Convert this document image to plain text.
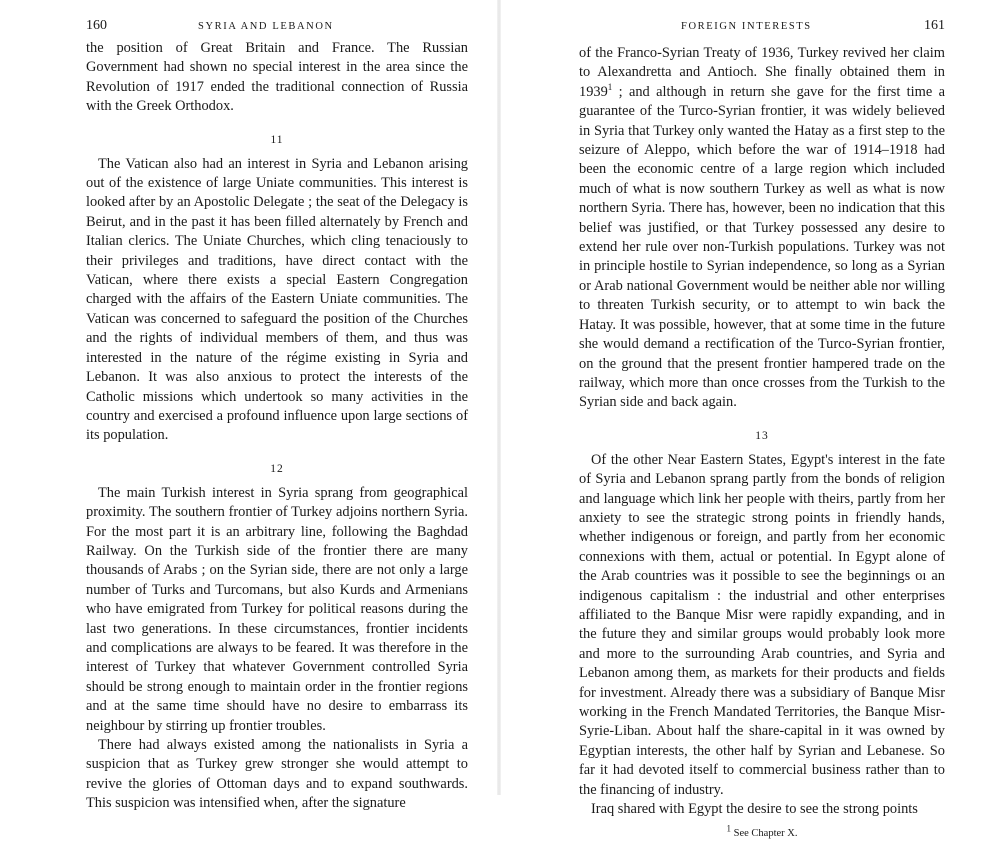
160	SYRIA AND LEBANON

the position of Great Britain and France. The Russian Government had shown no special interest in the area since the Revolution of 1917 ended the traditional connection of Russia with the Greek Orthodox.

11

The Vatican also had an interest in Syria and Lebanon arising out of the existence of large Uniate communities. This interest is looked after by an Apostolic Delegate ; the seat of the Delegacy is Beirut, and in the past it has been filled alternately by French and Italian clerics. The Uniate Churches, which cling tenaciously to their privileges and traditions, have direct contact with the Vatican, where there exists a special Eastern Congregation charged with the affairs of the Eastern Uniate communities. The Vatican was concerned to safeguard the position of the Churches and the rights of individual members of them, and thus was interested in the nature of the régime existing in Syria and Lebanon. It was also anxious to protect the interests of the Catholic missions which undertook so many activities in the country and exercised a profound influence upon large sections of its population.

12

The main Turkish interest in Syria sprang from geographical proximity. The southern frontier of Turkey adjoins northern Syria. For the most part it is an arbitrary line, following the Baghdad Railway. On the Turkish side of the frontier there are many thousands of Arabs ; on the Syrian side, there are not only a large number of Turks and Turcomans, but also Kurds and Armenians who have emigrated from Turkey for political reasons during the last two generations. In these circumstances, frontier incidents and complications are always to be feared. It was therefore in the interest of Turkey that whatever Government controlled Syria should be strong enough to maintain order in the frontier regions and at the same time should have no desire to embarrass its neighbour by stirring up frontier troubles.

There had always existed among the nationalists in Syria a suspicion that as Turkey grew stronger she would attempt to revive the glories of Ottoman days and to expand southwards. This suspicion was intensified when, after the signature

FOREIGN INTERESTS	161

of the Franco-Syrian Treaty of 1936, Turkey revived her claim to Alexandretta and Antioch. She finally obtained them in 1939$^1$ ; and although in return she gave for the first time a guarantee of the Turco-Syrian frontier, it was widely believed in Syria that Turkey only wanted the Hatay as a first step to the seizure of Aleppo, which before the war of 1914–1918 had been the economic centre of a large region which included much of what is now southern Turkey as well as what is now northern Syria. There has, however, been no indication that this belief was justified, or that Turkey possessed any desire to extend her rule over non-Turkish populations. Turkey was not in principle hostile to Syrian independence, so long as a Syrian or Arab national Government would be neither able nor willing to threaten Turkish security, or to attempt to win back the Hatay. It was possible, however, that at some time in the future she would demand a rectification of the Turco-Syrian frontier, on the ground that the present frontier hampered trade on the railway, which more than once crosses from the Turkish to the Syrian side and back again.

13

Of the other Near Eastern States, Egypt's interest in the fate of Syria and Lebanon sprang partly from the bonds of religion and language which link her people with theirs, partly from her anxiety to see the strategic strong points in friendly hands, whether indigenous or foreign, and partly from her economic connexions with them, actual or potential. In Egypt alone of the Arab countries was it possible to see the beginnings oı an indigenous capitalism : the industrial and other enterprises affiliated to the Banque Misr were rapidly expanding, and in the future they and similar groups would probably look more and more to the surrounding Arab countries, and Syria and Lebanon among them, as markets for their products and fields for investment. Already there was a subsidiary of Banque Misr working in the French Mandated Territories, the Banque Misr-Syrie-Liban. About half the share-capital in it was owned by Egyptian interests, the other half by Syrian and Lebanese. So far it had devoted itself to commercial business rather than to the financing of industry.

Iraq shared with Egypt the desire to see the strong points

$^1$ See Chapter X.
